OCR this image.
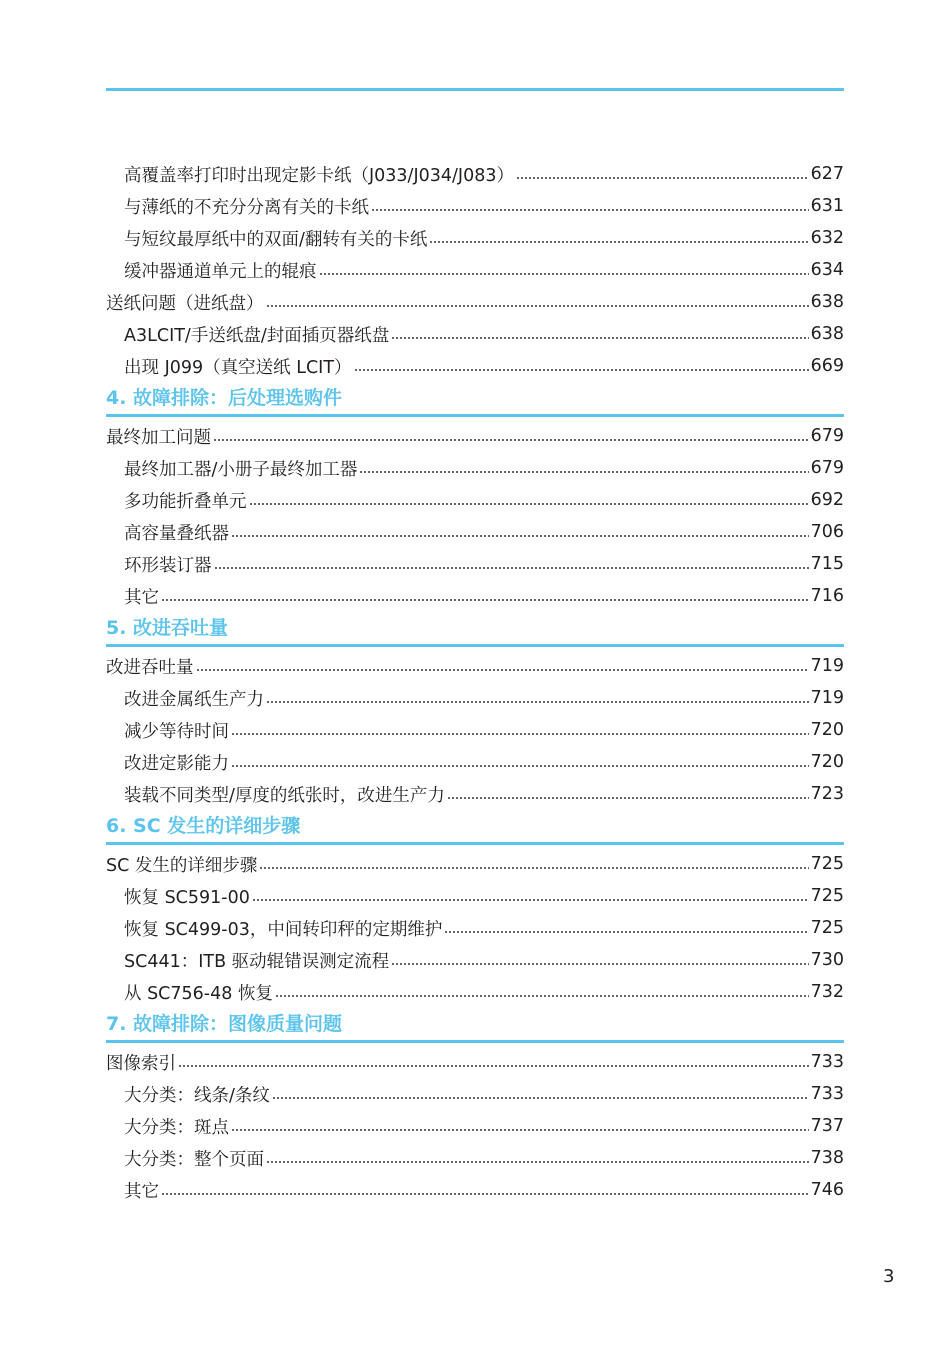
高覆盖率打印时出现定影卡纸（J033/J034/J083）	627
与薄纸的不充分分离有关的卡纸	631
与短纹最厚纸中的双面/翻转有关的卡纸	632
缓冲器通道单元上的辊痕	634
送纸问题（进纸盘）	638
A3LCIT/手送纸盘/封面插页器纸盘	638
出现 J099（真空送纸 LCIT）	669
4. 故障排除：后处理选购件
最终加工问题	679
最终加工器/小册子最终加工器	679
多功能折叠单元	692
高容量叠纸器	706
环形装订器	715
其它	716
5. 改进吞吐量
改进吞吐量	719
改进金属纸生产力	719
减少等待时间	720
改进定影能力	720
装载不同类型/厚度的纸张时，改进生产力	723
6. SC 发生的详细步骤
SC 发生的详细步骤	725
恢复 SC591-00	725
恢复 SC499-03，中间转印秤的定期维护	725
SC441：ITB 驱动辊错误测定流程	730
从 SC756-48 恢复	732
7. 故障排除：图像质量问题
图像索引	733
大分类：线条/条纹	733
大分类：斑点	737
大分类：整个页面	738
其它	746
3
